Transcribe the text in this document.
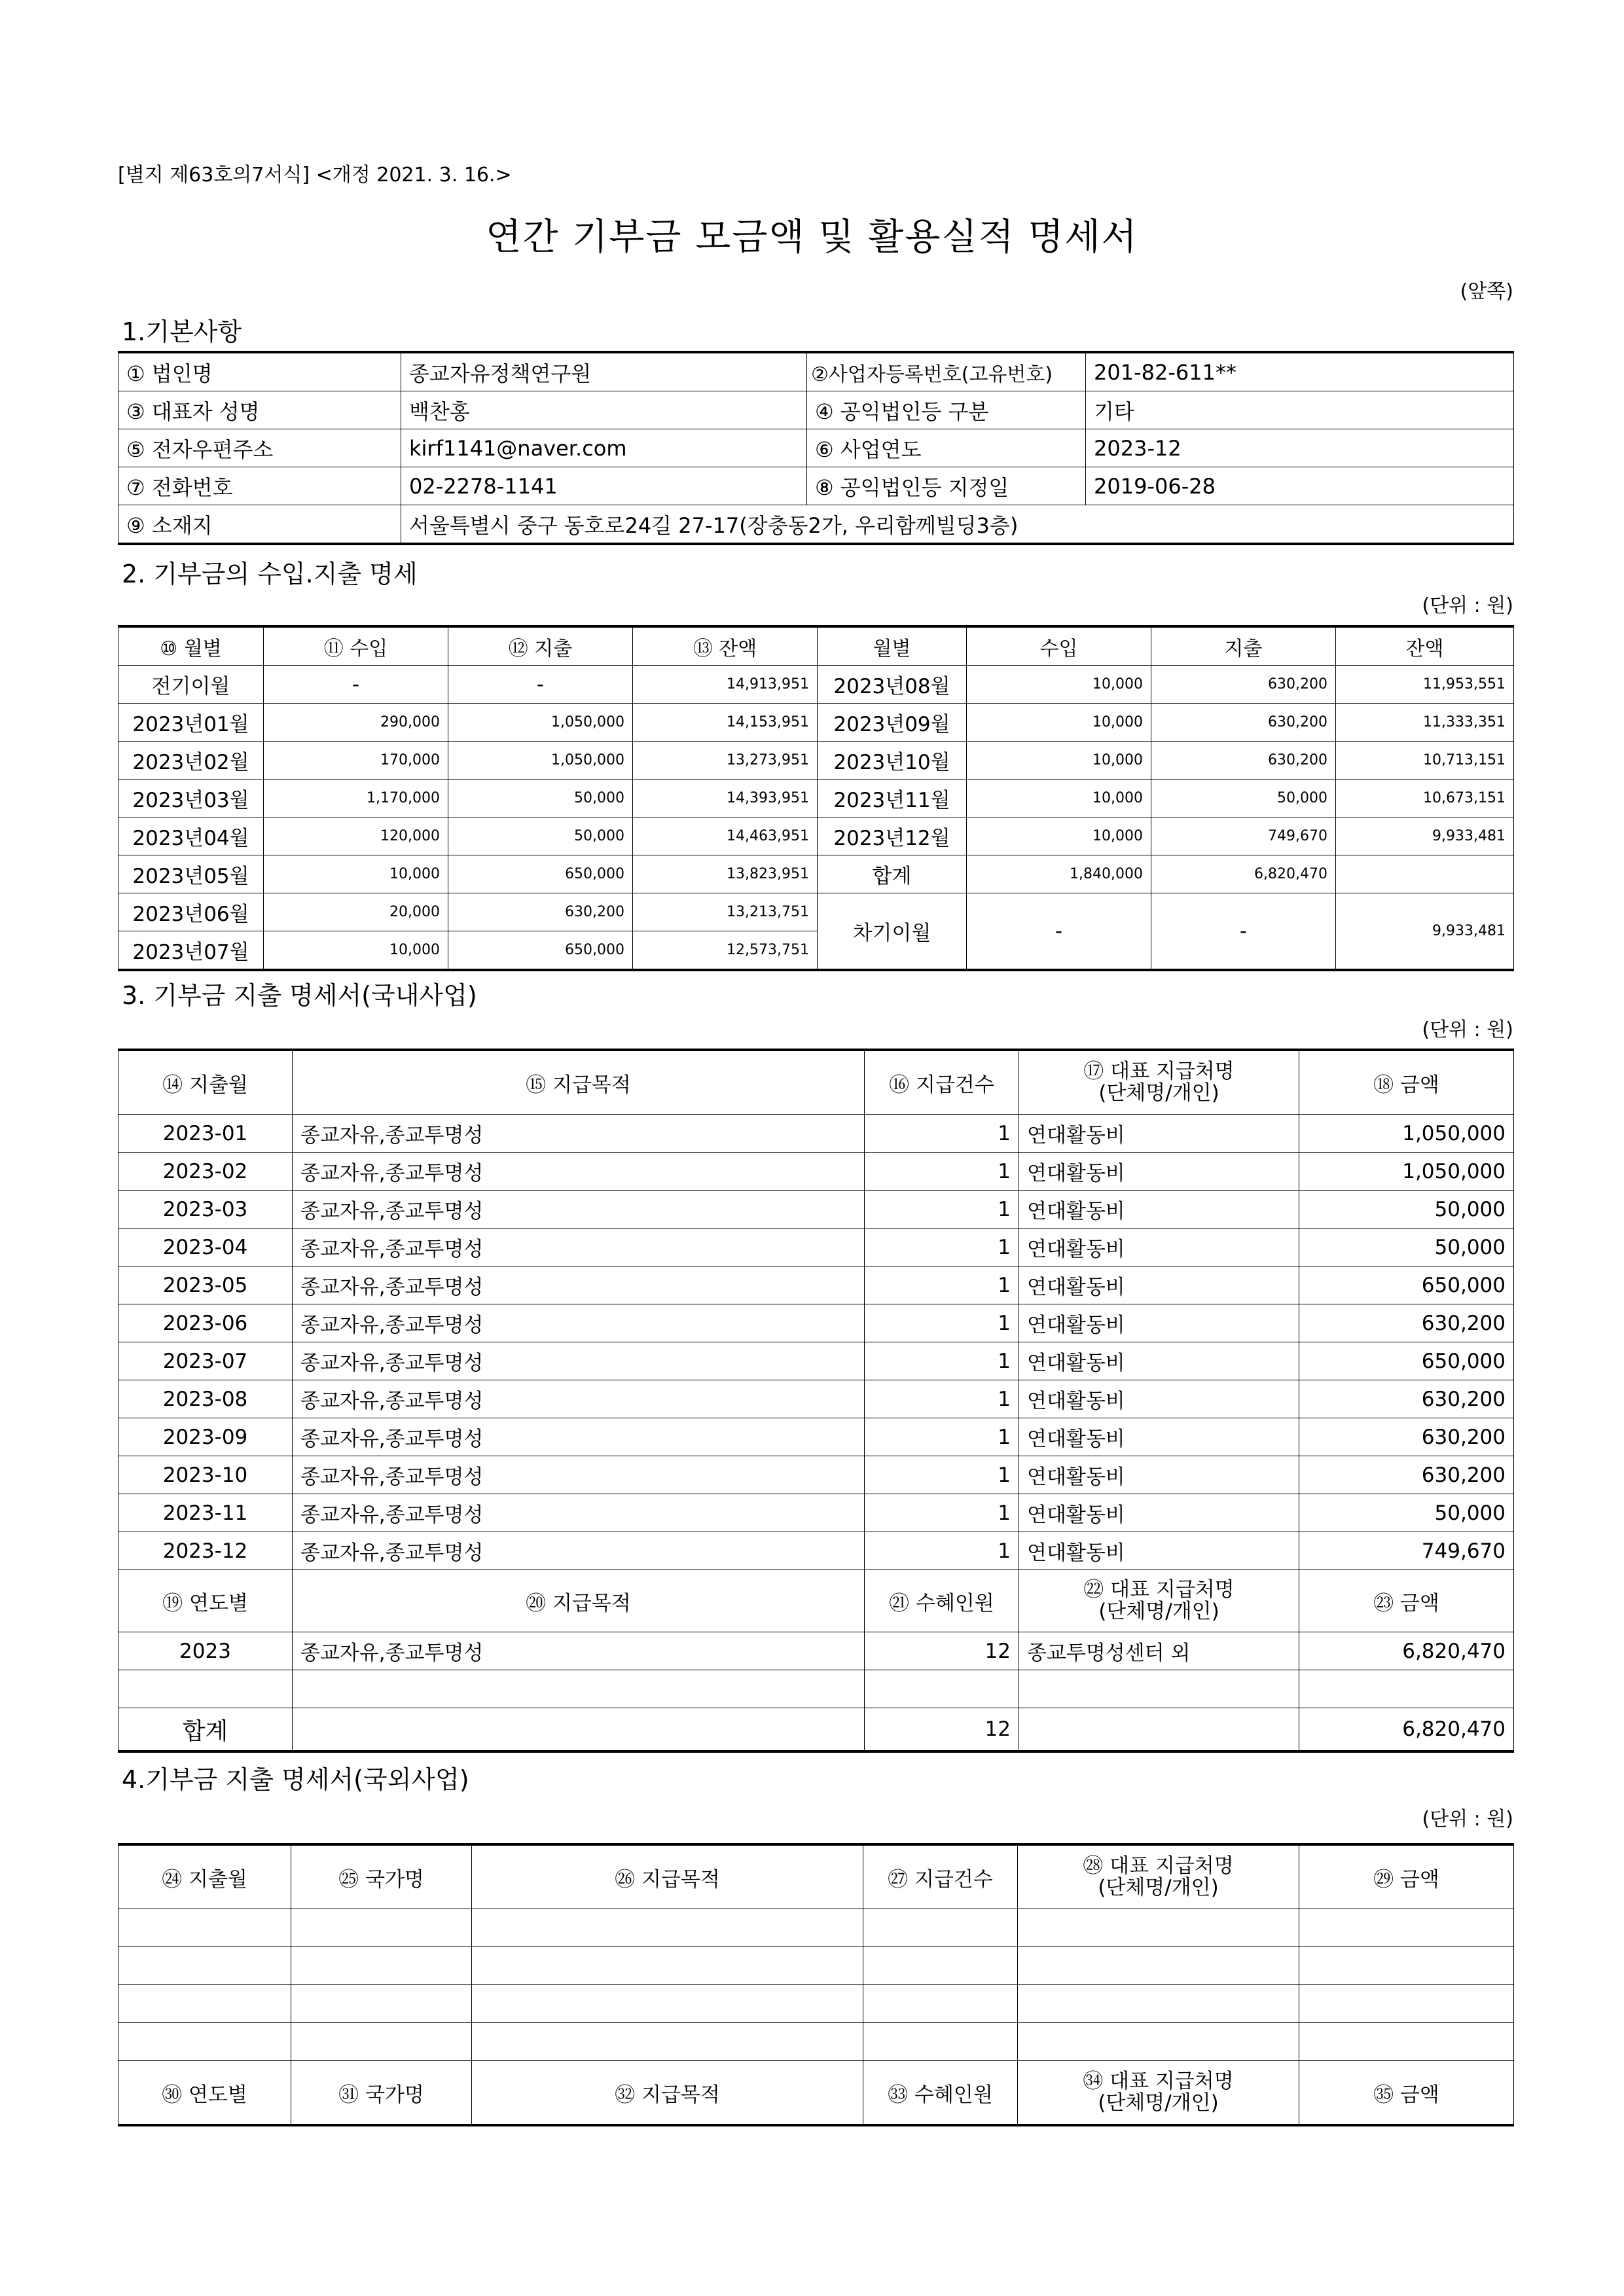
[별지 제63호의7서식] <개정 2021. 3. 16.>
연간 기부금 모금액 및 활용실적 명세서
(앞쪽)
1.기본사항
① 법인명	종교자유정책연구원	②사업자등록번호(고유번호)	201-82-611**
③ 대표자 성명	백찬홍	④ 공익법인등 구분	기타
⑤ 전자우편주소	kirf1141@naver.com	⑥ 사업연도	2023-12
⑦ 전화번호	02-2278-1141	⑧ 공익법인등 지정일	2019-06-28
⑨ 소재지	서울특별시 중구 동호로24길 27-17(장충동2가, 우리함께빌딩3층)		
2. 기부금의 수입.지출 명세
(단위 : 원)
⑩ 월별	⑪ 수입	⑫ 지출	⑬ 잔액	월별	수입	지출	잔액
전기이월	-	-	14,913,951	2023년08월	10,000	630,200	11,953,551
2023년01월	290,000	1,050,000	14,153,951	2023년09월	10,000	630,200	11,333,351
2023년02월	170,000	1,050,000	13,273,951	2023년10월	10,000	630,200	10,713,151
2023년03월	1,170,000	50,000	14,393,951	2023년11월	10,000	50,000	10,673,151
2023년04월	120,000	50,000	14,463,951	2023년12월	10,000	749,670	9,933,481
2023년05월	10,000	650,000	13,823,951	합계	1,840,000	6,820,470	
2023년06월	20,000	630,200	13,213,751	차기이월	-	-	9,933,481
2023년07월	10,000	650,000	12,573,751				
3. 기부금 지출 명세서(국내사업)
(단위 : 원)
⑭ 지출월	⑮ 지급목적	⑯ 지급건수	⑰ 대표 지급처명
(단체명/개인)	⑱ 금액
2023-01	종교자유,종교투명성	1	연대활동비	1,050,000
2023-02	종교자유,종교투명성	1	연대활동비	1,050,000
2023-03	종교자유,종교투명성	1	연대활동비	50,000
2023-04	종교자유,종교투명성	1	연대활동비	50,000
2023-05	종교자유,종교투명성	1	연대활동비	650,000
2023-06	종교자유,종교투명성	1	연대활동비	630,200
2023-07	종교자유,종교투명성	1	연대활동비	650,000
2023-08	종교자유,종교투명성	1	연대활동비	630,200
2023-09	종교자유,종교투명성	1	연대활동비	630,200
2023-10	종교자유,종교투명성	1	연대활동비	630,200
2023-11	종교자유,종교투명성	1	연대활동비	50,000
2023-12	종교자유,종교투명성	1	연대활동비	749,670
⑲ 연도별	⑳ 지급목적	㉑ 수혜인원	㉒ 대표 지급처명
(단체명/개인)	㉓ 금액
2023	종교자유,종교투명성	12	종교투명성센터 외	6,820,470

합계		12		6,820,470
4.기부금 지출 명세서(국외사업)
(단위 : 원)
㉔ 지출월	㉕ 국가명	㉖ 지급목적	㉗ 지급건수	㉘ 대표 지급처명
(단체명/개인)	㉙ 금액

㉚ 연도별	㉛ 국가명	㉜ 지급목적	㉝ 수혜인원	㉞ 대표 지급처명
(단체명/개인)	㉟ 금액
